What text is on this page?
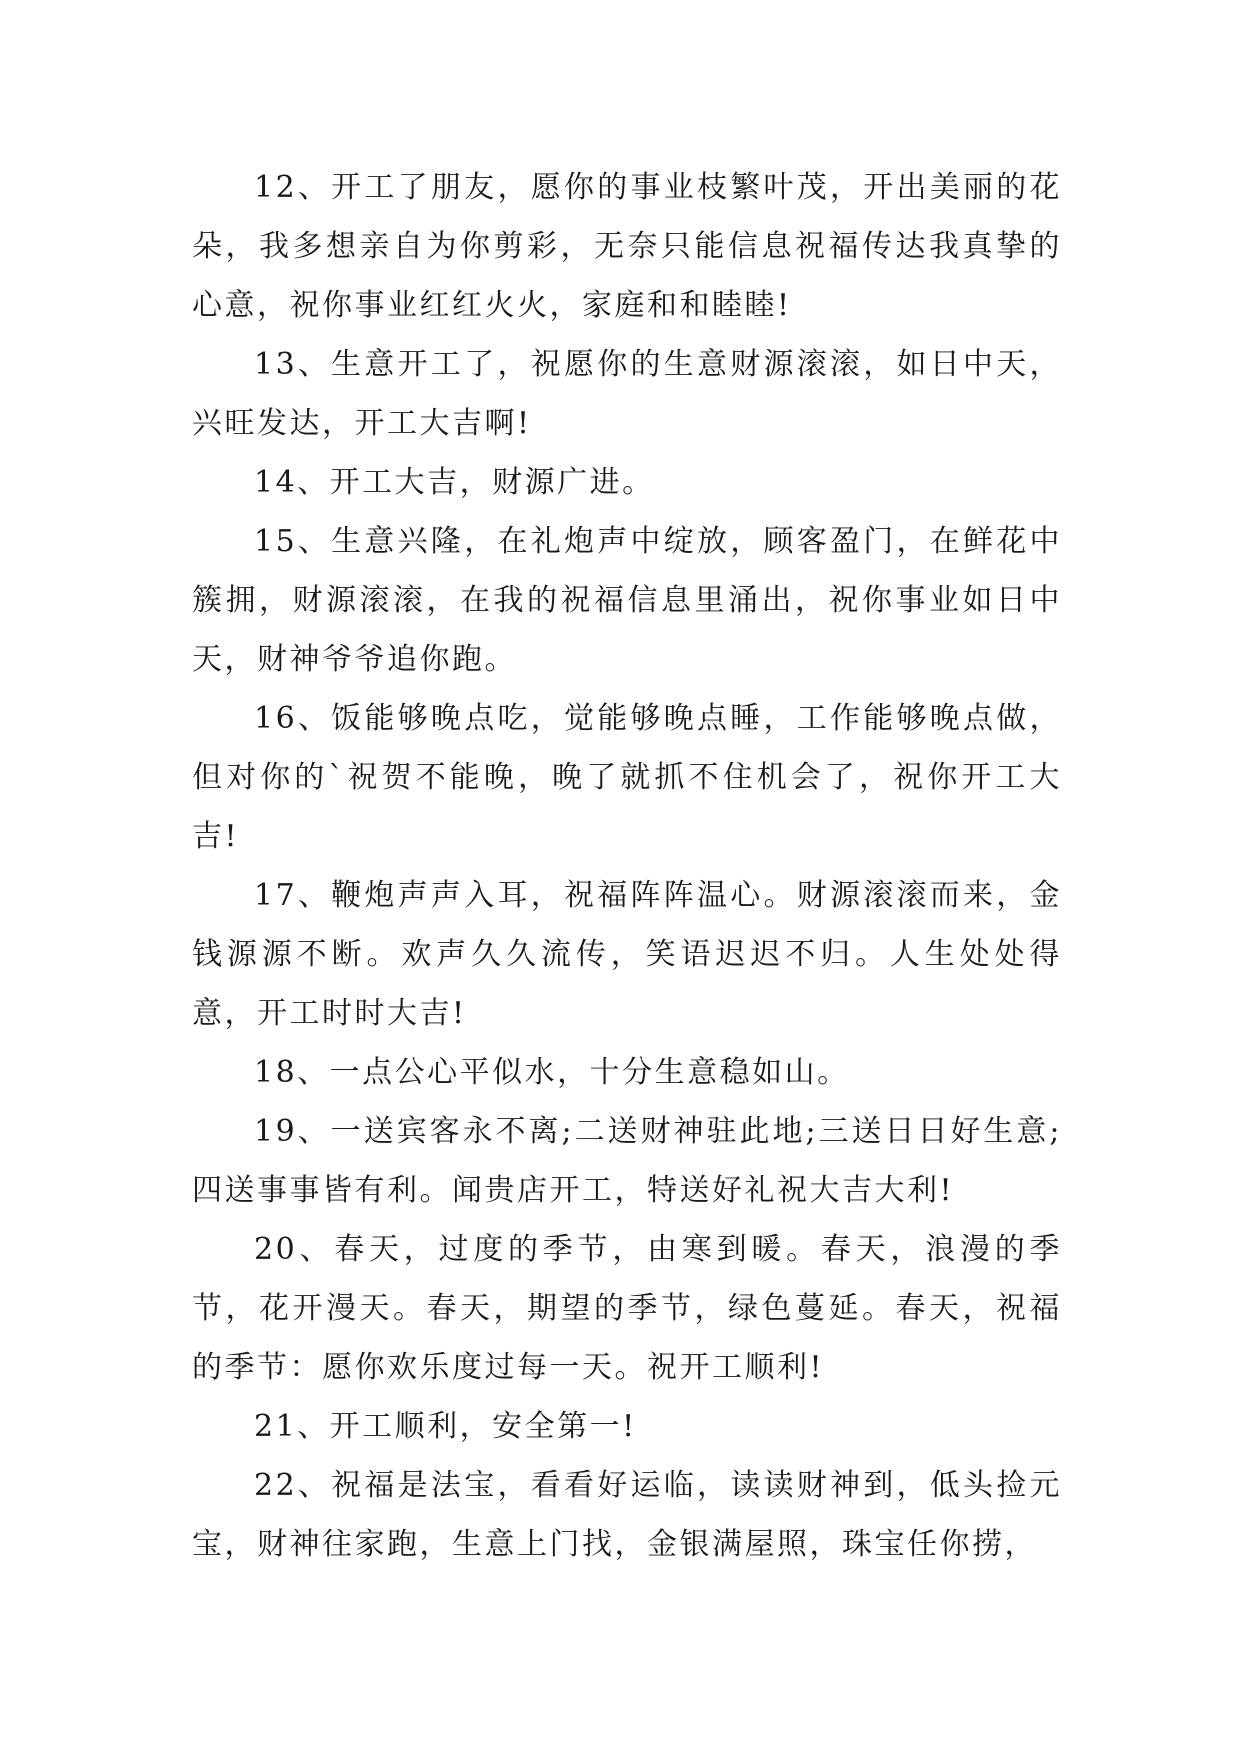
12、开工了朋友，愿你的事业枝繁叶茂，开出美丽的花朵，我多想亲自为你剪彩，无奈只能信息祝福传达我真挚的心意，祝你事业红红火火，家庭和和睦睦!

13、生意开工了，祝愿你的生意财源滚滚，如日中天，兴旺发达，开工大吉啊!

14、开工大吉，财源广进。

15、生意兴隆，在礼炮声中绽放，顾客盈门，在鲜花中簇拥，财源滚滚，在我的祝福信息里涌出，祝你事业如日中天，财神爷爷追你跑。

16、饭能够晚点吃，觉能够晚点睡，工作能够晚点做，但对你的`祝贺不能晚，晚了就抓不住机会了，祝你开工大吉!

17、鞭炮声声入耳，祝福阵阵温心。财源滚滚而来，金钱源源不断。欢声久久流传，笑语迟迟不归。人生处处得意，开工时时大吉!

18、一点公心平似水，十分生意稳如山。

19、一送宾客永不离;二送财神驻此地;三送日日好生意;四送事事皆有利。闻贵店开工，特送好礼祝大吉大利!

20、春天，过度的季节，由寒到暖。春天，浪漫的季节，花开漫天。春天，期望的季节，绿色蔓延。春天，祝福的季节：愿你欢乐度过每一天。祝开工顺利!

21、开工顺利，安全第一!

22、祝福是法宝，看看好运临，读读财神到，低头捡元宝，财神往家跑，生意上门找，金银满屋照，珠宝任你捞，
